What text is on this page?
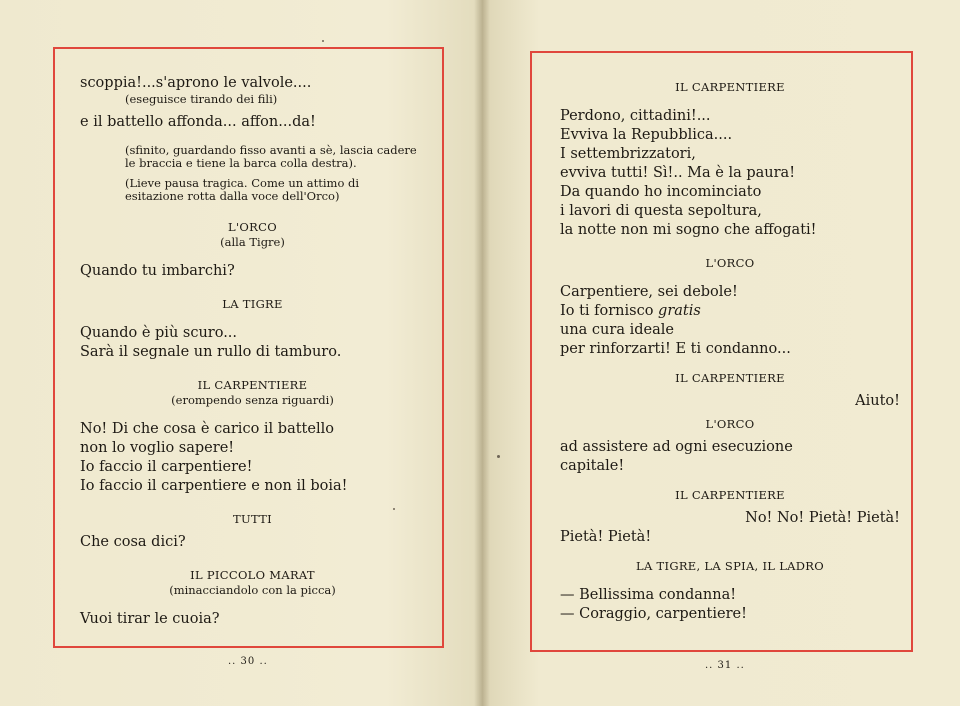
scoppia!...s'aprono le valvole....

(eseguisce tirando dei fili)

e il battello affonda... affon...da!

(sfinito, guardando fisso avanti a sè, lascia cadere le braccia e tiene la barca colla destra).

(Lieve pausa tragica. Come un attimo di esitazione rotta dalla voce dell'Orco)

L'ORCO

(alla Tigre)

Quando tu imbarchi?

LA TIGRE

Quando è più scuro...

Sarà il segnale un rullo di tamburo.

IL CARPENTIERE

(erompendo senza riguardi)

No! Di che cosa è carico il battello

non lo voglio sapere!

Io faccio il carpentiere!

Io faccio il carpentiere e non il boia!

TUTTI

Che cosa dici?

IL PICCOLO MARAT

(minacciandolo con la picca)

Vuoi tirar le cuoia?

IL CARPENTIERE

Perdono, cittadini!...

Evviva la Repubblica....

I settembrizzatori,

evviva tutti! Sì!.. Ma è la paura!

Da quando ho incominciato

i lavori di questa sepoltura,

la notte non mi sogno che affogati!

L'ORCO

Carpentiere, sei debole!

Io ti fornisco gratis

una cura ideale

per rinforzarti! E ti condanno...

IL CARPENTIERE

Aiuto!

L'ORCO

ad assistere ad ogni esecuzione

capitale!

IL CARPENTIERE

No! No! Pietà! Pietà!

Pietà! Pietà!

LA TIGRE, LA SPIA, IL LADRO

— Bellissima condanna!

— Coraggio, carpentiere!

.. 30 ..	.. 31 ..
